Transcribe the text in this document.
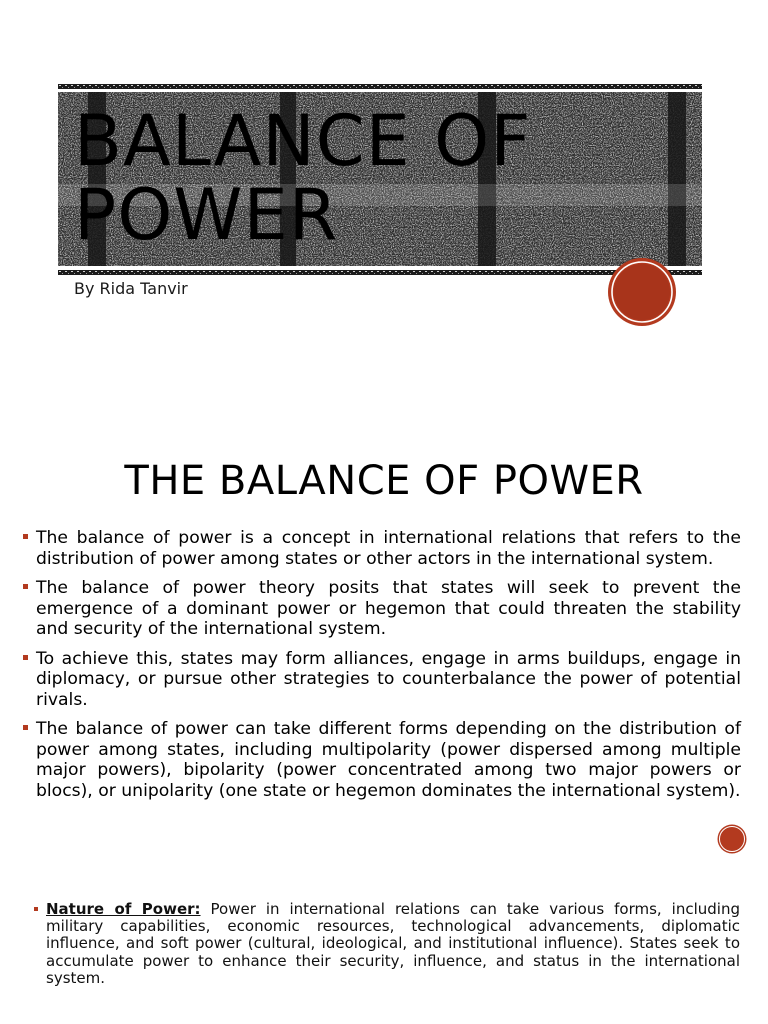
BALANCE OF POWER

By Rida Tanvir

THE BALANCE OF POWER
The balance of power is a concept in international relations that refers to the distribution of power among states or other actors in the international system.
The balance of power theory posits that states will seek to prevent the emergence of a dominant power or hegemon that could threaten the stability and security of the international system.
To achieve this, states may form alliances, engage in arms buildups, engage in diplomacy, or pursue other strategies to counterbalance the power of potential rivals.
The balance of power can take different forms depending on the distribution of power among states, including multipolarity (power dispersed among multiple major powers), bipolarity (power concentrated among two major powers or blocs), or unipolarity (one state or hegemon dominates the international system).

Nature of Power: Power in international relations can take various forms, including military capabilities, economic resources, technological advancements, diplomatic influence, and soft power (cultural, ideological, and institutional influence). States seek to accumulate power to enhance their security, influence, and status in the international system.
